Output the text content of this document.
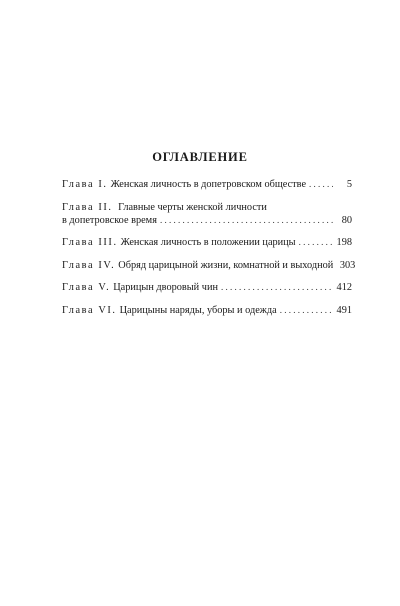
ОГЛАВЛЕНИЕ
Глава I. Женская личность в допетровском обществе . . .	5
Глава II. Главные черты женской личности
в допетровское время . . .	80
Глава III. Женская личность в положении царицы . . .	198
Глава IV. Обряд царицыной жизни, комнатной и выходной 303
Глава V. Царицын дворовый чин . . .	412
Глава VI. Царицыны наряды, уборы и одежда . . .	491
